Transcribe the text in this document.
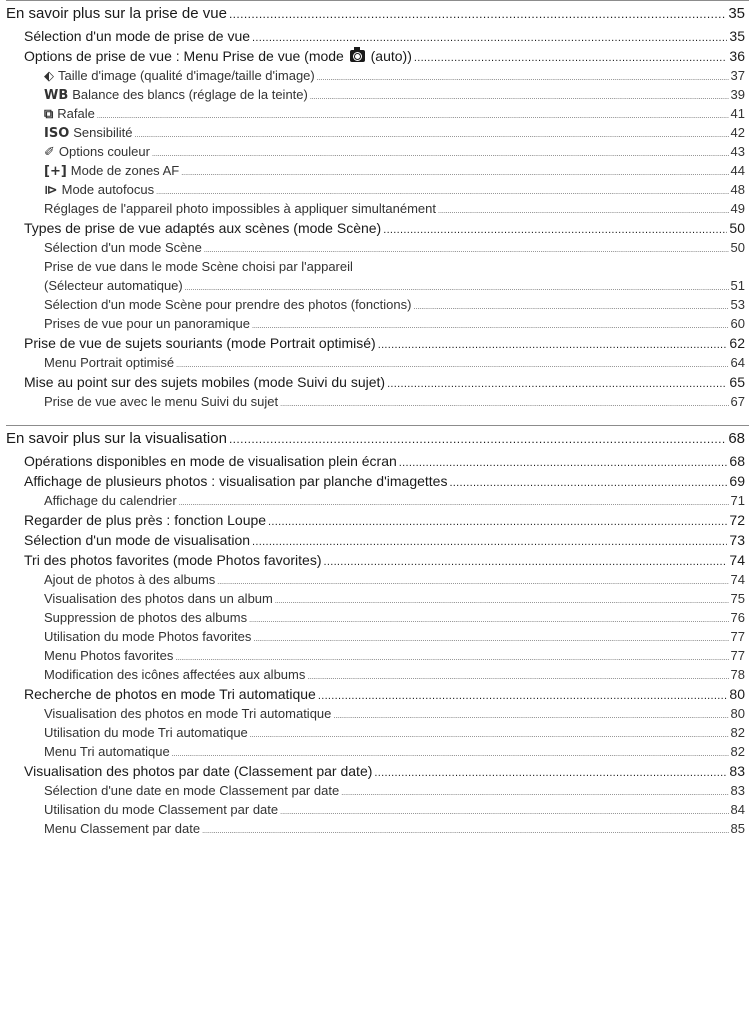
En savoir plus sur la prise de vue .....	35
Sélection d'un mode de prise de vue .....	35
Options de prise de vue : Menu Prise de vue (mode  (auto)) .....	36
⬖ Taille d'image (qualité d'image/taille d'image) .....	37
WB Balance des blancs (réglage de la teinte) .....	39
⧉ Rafale .....	41
ISO Sensibilité .....	42
✐ Options couleur .....	43
[+] Mode de zones AF .....	44
⧐ Mode autofocus .....	48
Réglages de l'appareil photo impossibles à appliquer simultanément .....	49
Types de prise de vue adaptés aux scènes (mode Scène) .....	50
Sélection d'un mode Scène .....	50
Prise de vue dans le mode Scène choisi par l'appareil
(Sélecteur automatique) .....	51
Sélection d'un mode Scène pour prendre des photos (fonctions) .....	53
Prises de vue pour un panoramique .....	60
Prise de vue de sujets souriants (mode Portrait optimisé) .....	62
Menu Portrait optimisé .....	64
Mise au point sur des sujets mobiles (mode Suivi du sujet) .....	65
Prise de vue avec le menu Suivi du sujet .....	67
En savoir plus sur la visualisation .....	68
Opérations disponibles en mode de visualisation plein écran .....	68
Affichage de plusieurs photos : visualisation par planche d'imagettes .....	69
Affichage du calendrier .....	71
Regarder de plus près : fonction Loupe .....	72
Sélection d'un mode de visualisation .....	73
Tri des photos favorites (mode Photos favorites) .....	74
Ajout de photos à des albums .....	74
Visualisation des photos dans un album .....	75
Suppression de photos des albums .....	76
Utilisation du mode Photos favorites .....	77
Menu Photos favorites .....	77
Modification des icônes affectées aux albums .....	78
Recherche de photos en mode Tri automatique .....	80
Visualisation des photos en mode Tri automatique .....	80
Utilisation du mode Tri automatique .....	82
Menu Tri automatique .....	82
Visualisation des photos par date (Classement par date) .....	83
Sélection d'une date en mode Classement par date .....	83
Utilisation du mode Classement par date .....	84
Menu Classement par date .....	85
